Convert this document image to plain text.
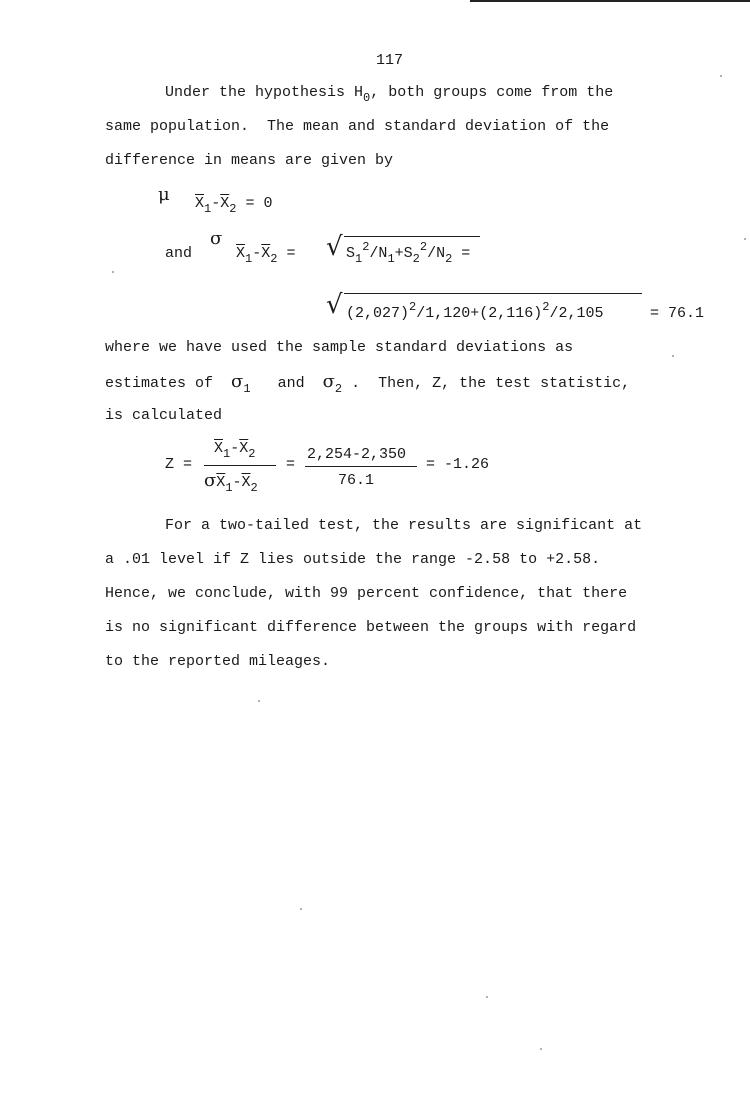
117
Under the hypothesis $H_0$, both groups come from the
same population.  The mean and standard deviation of the
difference in means are given by
μ $\overline{X}_1-\overline{X}_2 = 0$
and
σ
$\overline{X}_1-\overline{X}_2$ = √ $S_1^2/N_1+S_2^2/N_2$ =
√ $(2,027)^2/1,120+(2,116)^2/2,105$	= 76.1
where we have used the sample standard deviations as
estimates of $\sigma_1$ and $\sigma_2$ .  Then, Z, the test statistic,
is calculated
Z =
$\overline{X}_1-\overline{X}_2$
$\sigma\overline{X}_1-\overline{X}_2$
=
2,254-2,350
76.1
= -1.26
For a two-tailed test, the results are significant at
a .01 level if Z lies outside the range -2.58 to +2.58.
Hence, we conclude, with 99 percent confidence, that there
is no significant difference between the groups with regard
to the reported mileages.
